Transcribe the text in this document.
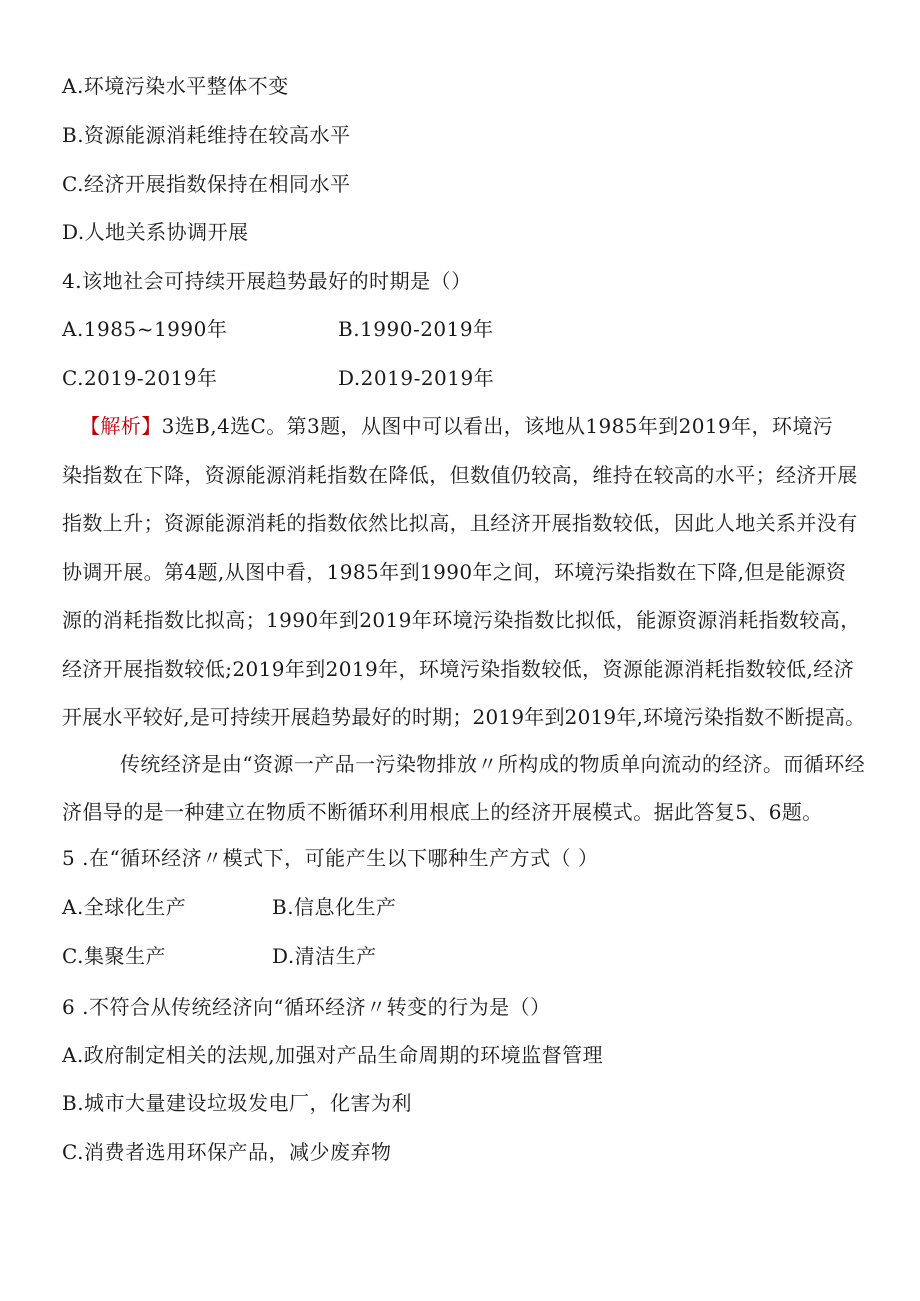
A.环境污染水平整体不变
B.资源能源消耗维持在较高水平
C.经济开展指数保持在相同水平
D.人地关系协调开展
4.该地社会可持续开展趋势最好的时期是（）
A.1985~1990年	B.1990-2019年
C.2019-2019年	D.2019-2019年
【解析】3选B,4选C。第3题，从图中可以看出，该地从1985年到2019年，环境污
染指数在下降，资源能源消耗指数在降低，但数值仍较高，维持在较高的水平；经济开展
指数上升；资源能源消耗的指数依然比拟高，且经济开展指数较低，因此人地关系并没有
协调开展。第4题,从图中看，1985年到1990年之间，环境污染指数在下降,但是能源资
源的消耗指数比拟高；1990年到2019年环境污染指数比拟低，能源资源消耗指数较高，
经济开展指数较低;2019年到2019年，环境污染指数较低，资源能源消耗指数较低,经济
开展水平较好,是可持续开展趋势最好的时期；2019年到2019年,环境污染指数不断提高。
传统经济是由“资源一产品一污染物排放〃所构成的物质单向流动的经济。而循环经
济倡导的是一种建立在物质不断循环利用根底上的经济开展模式。据此答复5、6题。
5 .在“循环经济〃模式下，可能产生以下哪种生产方式（ ）
A.全球化生产	B.信息化生产
C.集聚生产	D.清洁生产
6 .不符合从传统经济向“循环经济〃转变的行为是（）
A.政府制定相关的法规,加强对产品生命周期的环境监督管理
B.城市大量建设垃圾发电厂，化害为利
C.消费者选用环保产品，减少废弃物
